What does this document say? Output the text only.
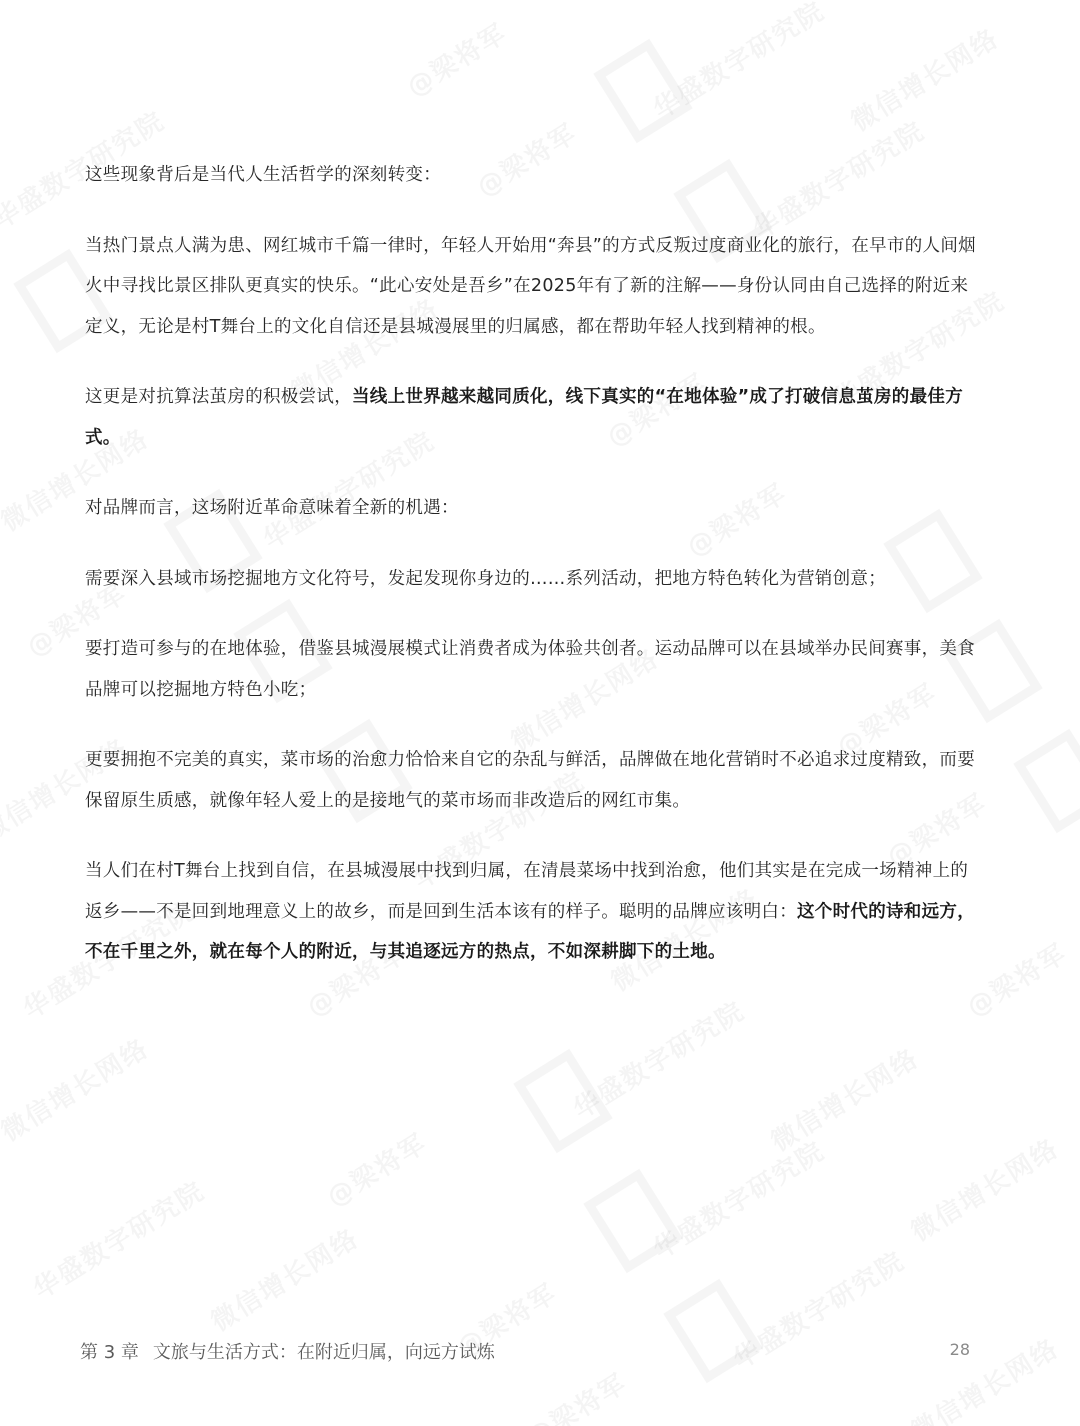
这些现象背后是当代人生活哲学的深刻转变：

当热门景点人满为患、网红城市千篇一律时，年轻人开始用“奔县”的方式反叛过度商业化的旅行，在早市的人间烟火中寻找比景区排队更真实的快乐。“此心安处是吾乡”在2025年有了新的注解——身份认同由自己选择的附近来定义，无论是村T舞台上的文化自信还是县城漫展里的归属感，都在帮助年轻人找到精神的根。

这更是对抗算法茧房的积极尝试，当线上世界越来越同质化，线下真实的“在地体验”成了打破信息茧房的最佳方式。

对品牌而言，这场附近革命意味着全新的机遇：

需要深入县域市场挖掘地方文化符号，发起发现你身边的……系列活动，把地方特色转化为营销创意；

要打造可参与的在地体验，借鉴县城漫展模式让消费者成为体验共创者。运动品牌可以在县域举办民间赛事，美食品牌可以挖掘地方特色小吃；

更要拥抱不完美的真实，菜市场的治愈力恰恰来自它的杂乱与鲜活，品牌做在地化营销时不必追求过度精致，而要保留原生质感，就像年轻人爱上的是接地气的菜市场而非改造后的网红市集。

当人们在村T舞台上找到自信，在县城漫展中找到归属，在清晨菜场中找到治愈，他们其实是在完成一场精神上的返乡——不是回到地理意义上的故乡，而是回到生活本该有的样子。聪明的品牌应该明白：这个时代的诗和远方，不在千里之外，就在每个人的附近，与其追逐远方的热点，不如深耕脚下的土地。

第 3 章 文旅与生活方式：在附近归属，向远方试炼	28
